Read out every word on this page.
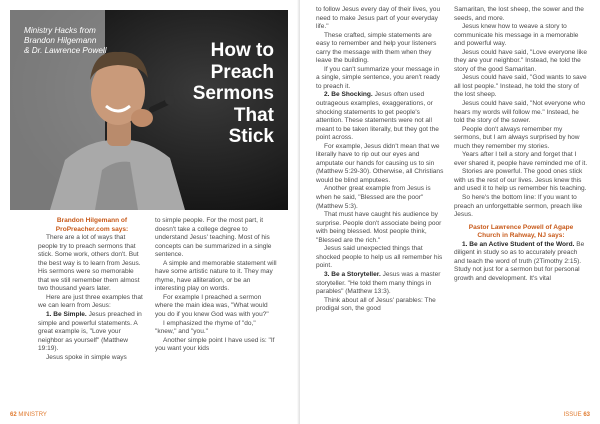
Ministry Hacks from
Brandon Hilgemann
& Dr. Lawrence Powell	How to
Preach
Sermons
That
Stick

Brandon Hilgemann of

ProPreacher.com says:

There are a lot of ways that people try to preach sermons that stick. Some work, others don't. But the best way is to learn from Jesus. His sermons were so memorable that we still remember them almost two thousand years later.

Here are just three examples that we can learn from Jesus:

1. Be Simple. Jesus preached in simple and powerful statements. A great example is, "Love your neighbor as yourself" (Matthew 19:19).

Jesus spoke in simple ways

to simple people. For the most part, it doesn't take a college degree to understand Jesus' teaching. Most of his concepts can be summarized in a single sentence.

A simple and memorable statement will have some artistic nature to it. They may rhyme, have alliteration, or be an interesting play on words.

For example I preached a sermon where the main idea was, "What would you do if you knew God was with you?"

I emphasized the rhyme of "do," "knew," and "you."

Another simple point I have used is: "If you want your kids

62 MINISTRY

to follow Jesus every day of their lives, you need to make Jesus part of your everyday life."

These crafted, simple statements are easy to remember and help your listeners carry the message with them when they leave the building.

If you can't summarize your message in a single, simple sentence, you aren't ready to preach it.

2. Be Shocking. Jesus often used outrageous examples, exaggerations, or shocking statements to get people's attention. These statements were not all meant to be taken literally, but they got the point across.

For example, Jesus didn't mean that we literally have to rip out our eyes and amputate our hands for causing us to sin (Matthew 5:29-30). Otherwise, all Christians would be blind amputees.

Another great example from Jesus is when he said, "Blessed are the poor" (Matthew 5:3).

That must have caught his audience by surprise. People don't associate being poor with being blessed. Most people think, "Blessed are the rich."

Jesus said unexpected things that shocked people to help us all remember his point.

3. Be a Storyteller. Jesus was a master storyteller. "He told them many things in parables" (Matthew 13:3).

Think about all of Jesus' parables: The prodigal son, the good

Samaritan, the lost sheep, the sower and the seeds, and more.

Jesus knew how to weave a story to communicate his message in a memorable and powerful way.

Jesus could have said, "Love everyone like they are your neighbor." Instead, he told the story of the good Samaritan.

Jesus could have said, "God wants to save all lost people." Instead, he told the story of the lost sheep.

Jesus could have said, "Not everyone who hears my words will follow me." Instead, he told the story of the sower.

People don't always remember my sermons, but I am always surprised by how much they remember my stories.

Years after I tell a story and forget that I ever shared it, people have reminded me of it.

Stories are powerful. The good ones stick with us the rest of our lives. Jesus knew this and used it to help us remember his teaching.

So here's the bottom line: If you want to preach an unforgettable sermon, preach like Jesus.

Pastor Lawrence Powell of Agape

Church in Rahway, NJ says:

1. Be an Active Student of the Word. Be diligent in study so as to accurately preach and teach the word of truth (2Timothy 2:15). Study not just for a sermon but for personal growth and development. It's vital

ISSUE 63
